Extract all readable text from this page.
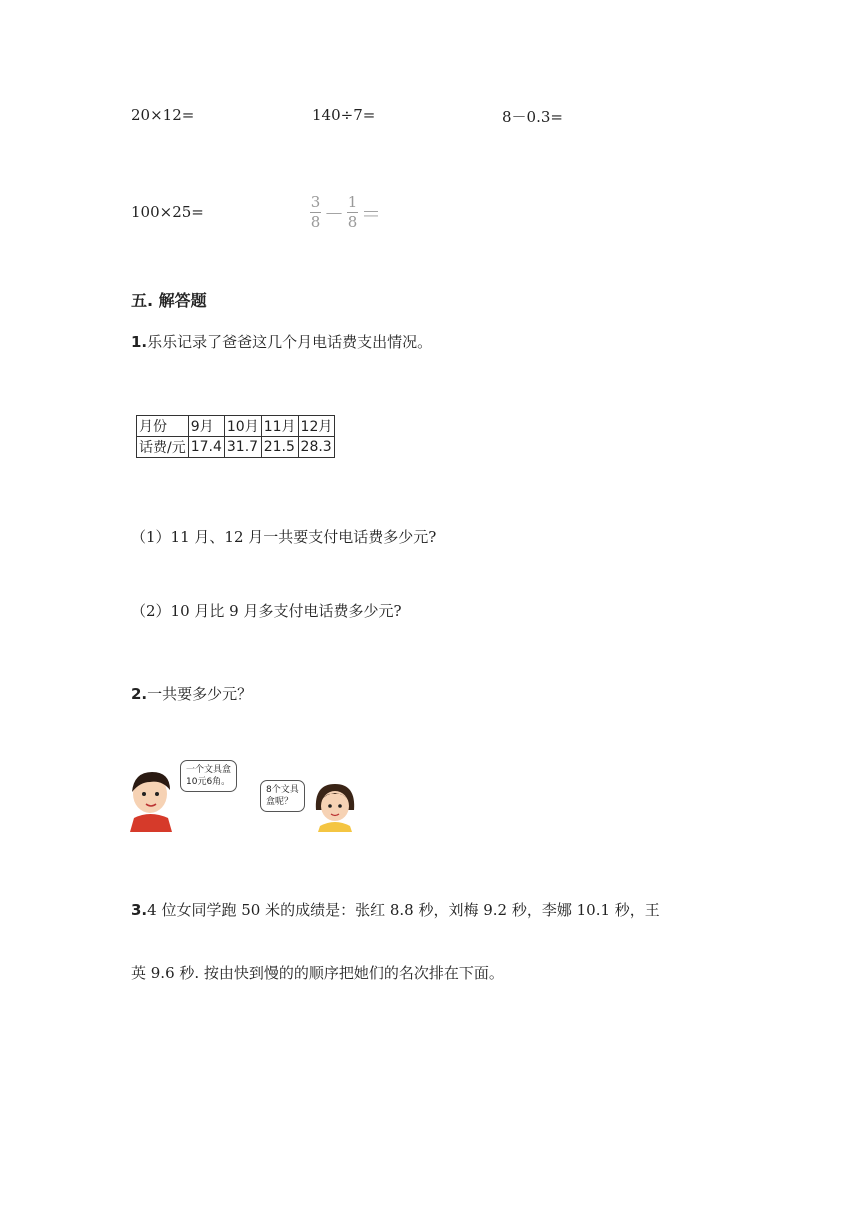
20×12=	140÷7=	8－0.3=
100×25=	$\frac{3}{8} - \frac{1}{8}$ ＝
五. 解答题
1.乐乐记录了爸爸这几个月电话费支出情况。
月份	9月	10月	11月	12月
话费/元	17.4	31.7	21.5	28.3
（1）11 月、12 月一共要支付电话费多少元?
（2）10 月比 9 月多支付电话费多少元?
2.一共要多少元？
一个文具盒
10元6角。
8个文具
盒呢？
3.4 位女同学跑 50 米的成绩是：张红 8.8 秒，刘梅 9.2 秒，李娜 10.1 秒，王
英 9.6 秒. 按由快到慢的的顺序把她们的名次排在下面。
